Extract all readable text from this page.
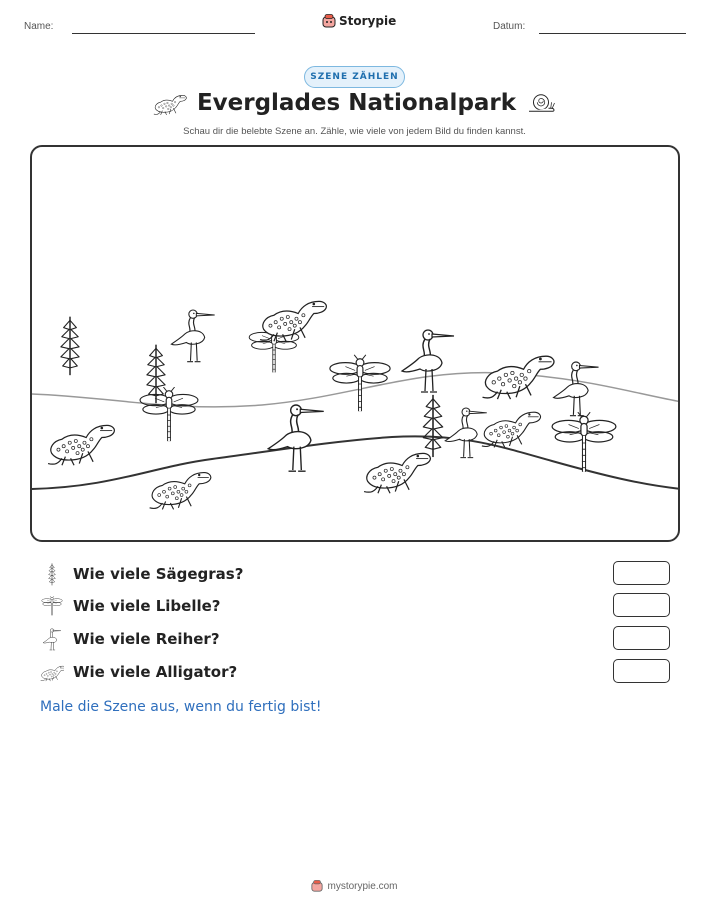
Name:	Storypie	Datum:
SZENE ZÄHLEN
Everglades Nationalpark
Schau dir die belebte Szene an. Zähle, wie viele von jedem Bild du finden kannst.
Wie viele Sägegras?
Wie viele Libelle?
Wie viele Reiher?
Wie viele Alligator?
Male die Szene aus, wenn du fertig bist!
mystorypie.com
